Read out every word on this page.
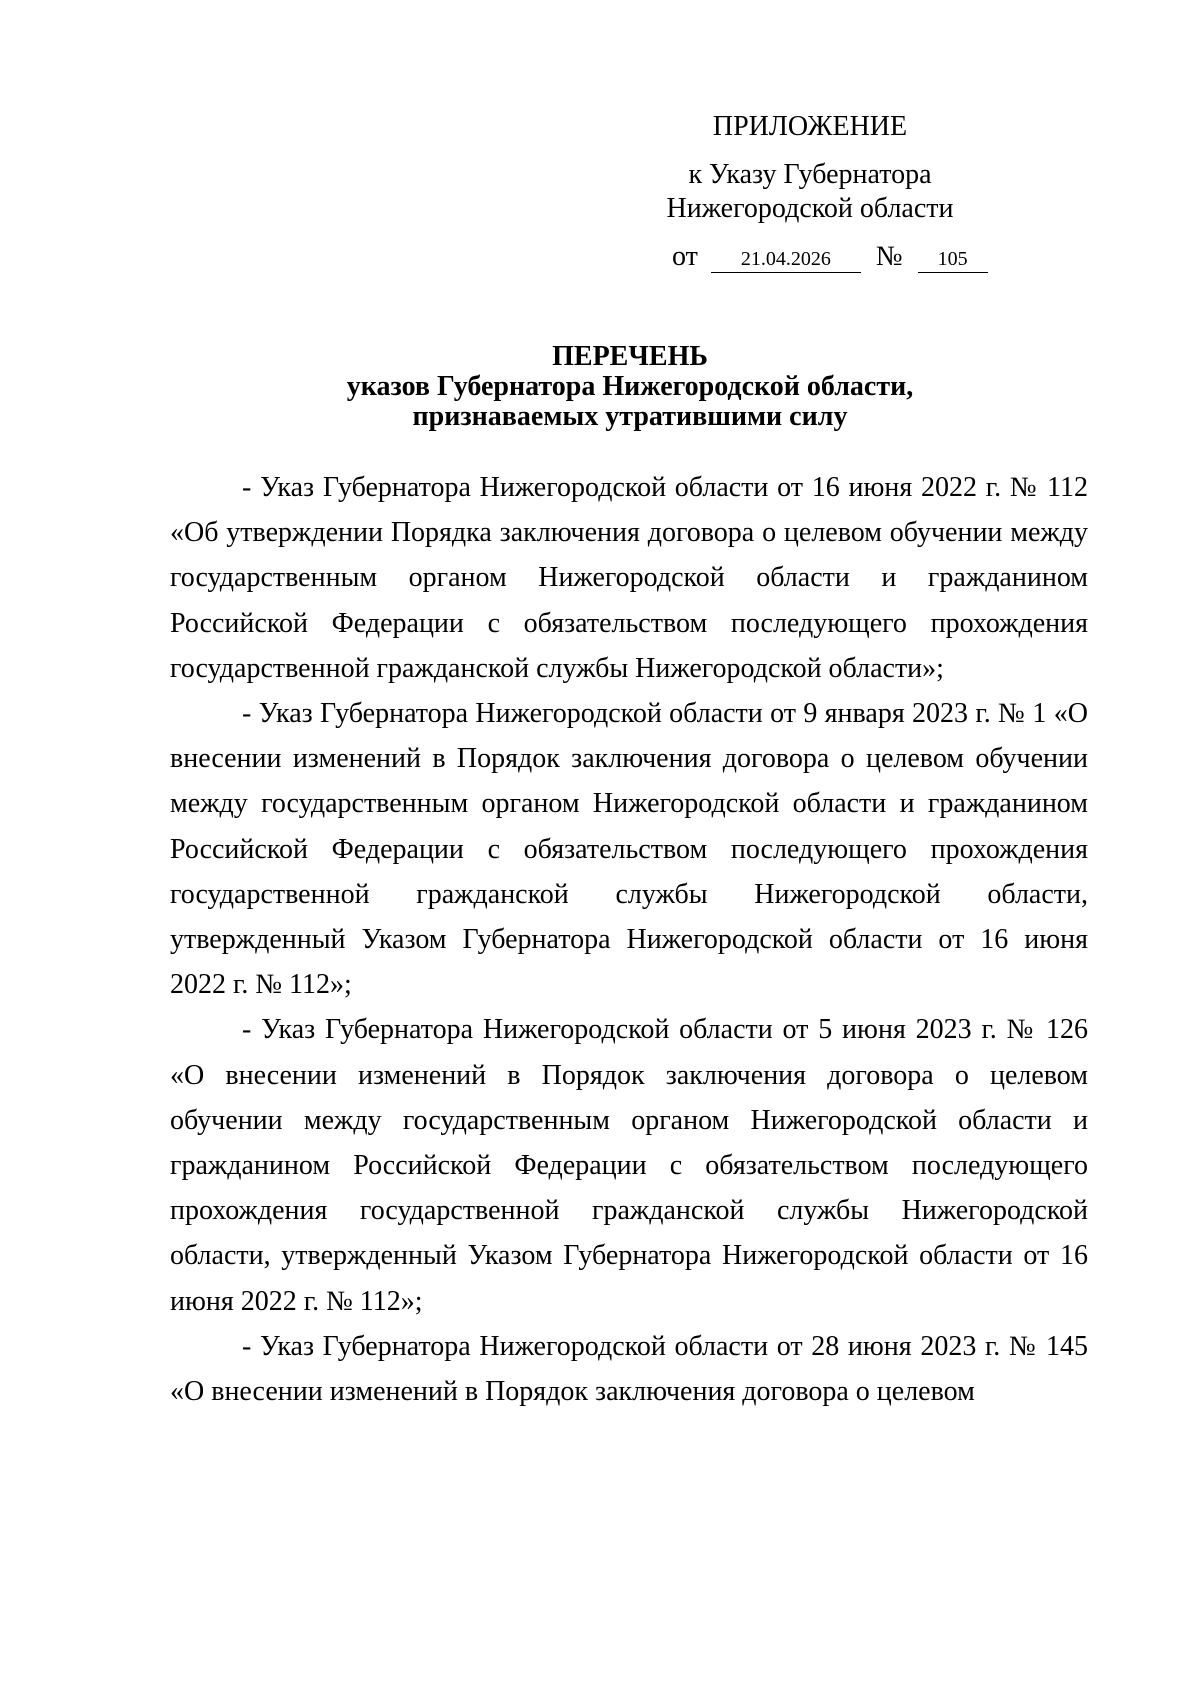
ПРИЛОЖЕНИЕ
к Указу Губернатора
Нижегородской области
от 21.04.2026 № 105
ПЕРЕЧЕНЬ
указов Губернатора Нижегородской области,
признаваемых утратившими силу

- Указ Губернатора Нижегородской области от 16 июня 2022 г. № 112 «Об утверждении Порядка заключения договора о целевом обучении между государственным органом Нижегородской области и гражданином Российской Федерации с обязательством последующего прохождения государственной гражданской службы Нижегородской области»;

- Указ Губернатора Нижегородской области от 9 января 2023 г. № 1 «О внесении изменений в Порядок заключения договора о целевом обучении между государственным органом Нижегородской области и гражданином Российской Федерации с обязательством последующего прохождения государственной гражданской службы Нижегородской области, утвержденный Указом Губернатора Нижегородской области от 16 июня 2022 г. № 112»;

- Указ Губернатора Нижегородской области от 5 июня 2023 г. № 126 «О внесении изменений в Порядок заключения договора о целевом обучении между государственным органом Нижегородской области и гражданином Российской Федерации с обязательством последующего прохождения государственной гражданской службы Нижегородской области, утвержденный Указом Губернатора Нижегородской области от 16 июня 2022 г. № 112»;

- Указ Губернатора Нижегородской области от 28 июня 2023 г. № 145 «О внесении изменений в Порядок заключения договора о целевом
